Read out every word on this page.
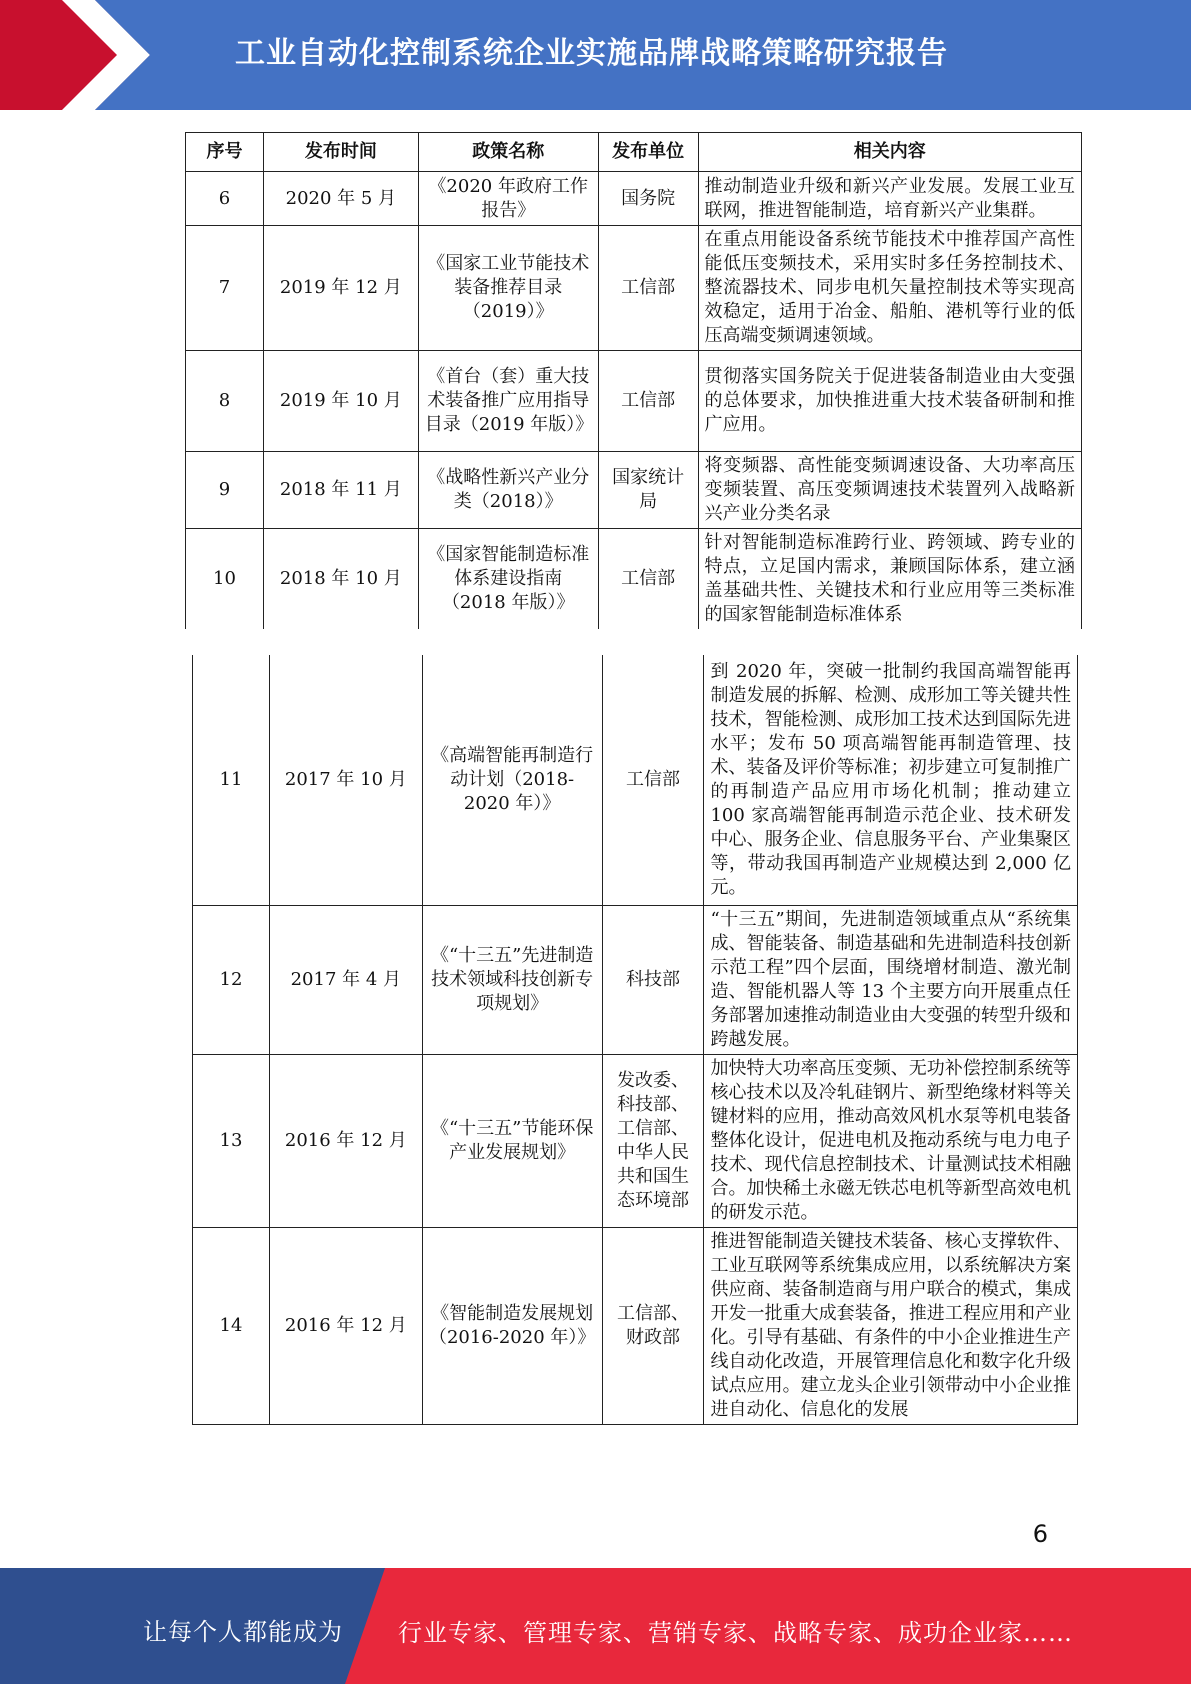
工业自动化控制系统企业实施品牌战略策略研究报告
序号	发布时间	政策名称	发布单位	相关内容
6	2020 年 5 月	《2020 年政府工作报告》	国务院	推动制造业升级和新兴产业发展。发展工业互联网，推进智能制造，培育新兴产业集群。
7	2019 年 12 月	《国家工业节能技术装备推荐目录（2019）》	工信部	在重点用能设备系统节能技术中推荐国产高性能低压变频技术，采用实时多任务控制技术、整流器技术、同步电机矢量控制技术等实现高效稳定，适用于冶金、船舶、港机等行业的低压高端变频调速领域。
8	2019 年 10 月	《首台（套）重大技术装备推广应用指导目录（2019 年版）》	工信部	贯彻落实国务院关于促进装备制造业由大变强的总体要求，加快推进重大技术装备研制和推广应用。
9	2018 年 11 月	《战略性新兴产业分类（2018）》	国家统计局	将变频器、高性能变频调速设备、大功率高压变频装置、高压变频调速技术装置列入战略新兴产业分类名录
10	2018 年 10 月	《国家智能制造标准体系建设指南（2018 年版）》	工信部	针对智能制造标准跨行业、跨领域、跨专业的特点，立足国内需求，兼顾国际体系，建立涵盖基础共性、关键技术和行业应用等三类标准的国家智能制造标准体系
11	2017 年 10 月	《高端智能再制造行动计划（2018-2020 年）》	工信部	到 2020 年，突破一批制约我国高端智能再制造发展的拆解、检测、成形加工等关键共性技术，智能检测、成形加工技术达到国际先进水平；发布 50 项高端智能再制造管理、技术、装备及评价等标准；初步建立可复制推广的再制造产品应用市场化机制；推动建立 100 家高端智能再制造示范企业、技术研发中心、服务企业、信息服务平台、产业集聚区等，带动我国再制造产业规模达到 2,000 亿元。
12	2017 年 4 月	《“十三五”先进制造技术领域科技创新专项规划》	科技部	“十三五”期间，先进制造领域重点从“系统集成、智能装备、制造基础和先进制造科技创新示范工程”四个层面，围绕增材制造、激光制造、智能机器人等 13 个主要方向开展重点任务部署加速推动制造业由大变强的转型升级和跨越发展。
13	2016 年 12 月	《“十三五”节能环保产业发展规划》	发改委、科技部、工信部、中华人民共和国生态环境部	加快特大功率高压变频、无功补偿控制系统等核心技术以及冷轧硅钢片、新型绝缘材料等关键材料的应用，推动高效风机水泵等机电装备整体化设计，促进电机及拖动系统与电力电子技术、现代信息控制技术、计量测试技术相融合。加快稀土永磁无铁芯电机等新型高效电机的研发示范。
14	2016 年 12 月	《智能制造发展规划（2016-2020 年）》	工信部、财政部	推进智能制造关键技术装备、核心支撑软件、工业互联网等系统集成应用，以系统解决方案供应商、装备制造商与用户联合的模式，集成开发一批重大成套装备，推进工程应用和产业化。引导有基础、有条件的中小企业推进生产线自动化改造，开展管理信息化和数字化升级试点应用。建立龙头企业引领带动中小企业推进自动化、信息化的发展
6
让每个人都能成为 行业专家、管理专家、营销专家、战略专家、成功企业家……
